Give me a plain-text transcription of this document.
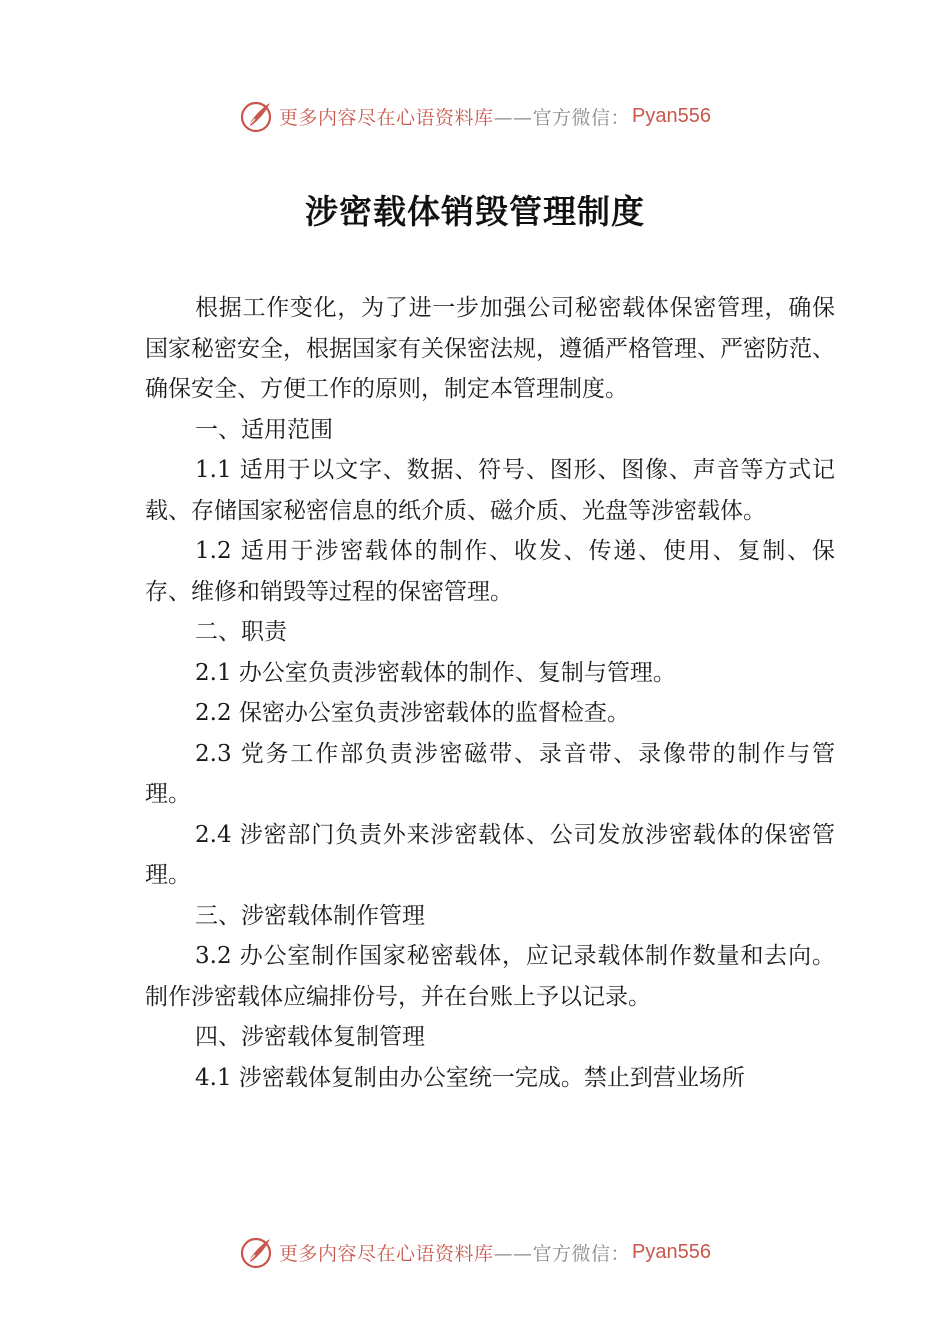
更多内容尽在心语资料库——官方微信： Pyan556
涉密载体销毁管理制度

根据工作变化，为了进一步加强公司秘密载体保密管理，确保国家秘密安全，根据国家有关保密法规，遵循严格管理、严密防范、确保安全、方便工作的原则，制定本管理制度。

一、适用范围

1.1 适用于以文字、数据、符号、图形、图像、声音等方式记载、存储国家秘密信息的纸介质、磁介质、光盘等涉密载体。

1.2 适用于涉密载体的制作、收发、传递、使用、复制、保存、维修和销毁等过程的保密管理。

二、职责

2.1 办公室负责涉密载体的制作、复制与管理。

2.2 保密办公室负责涉密载体的监督检查。

2.3 党务工作部负责涉密磁带、录音带、录像带的制作与管理。

2.4 涉密部门负责外来涉密载体、公司发放涉密载体的保密管理。

三、涉密载体制作管理

3.2 办公室制作国家秘密载体，应记录载体制作数量和去向。制作涉密载体应编排份号，并在台账上予以记录。

四、涉密载体复制管理

4.1 涉密载体复制由办公室统一完成。禁止到营业场所

更多内容尽在心语资料库——官方微信： Pyan556
